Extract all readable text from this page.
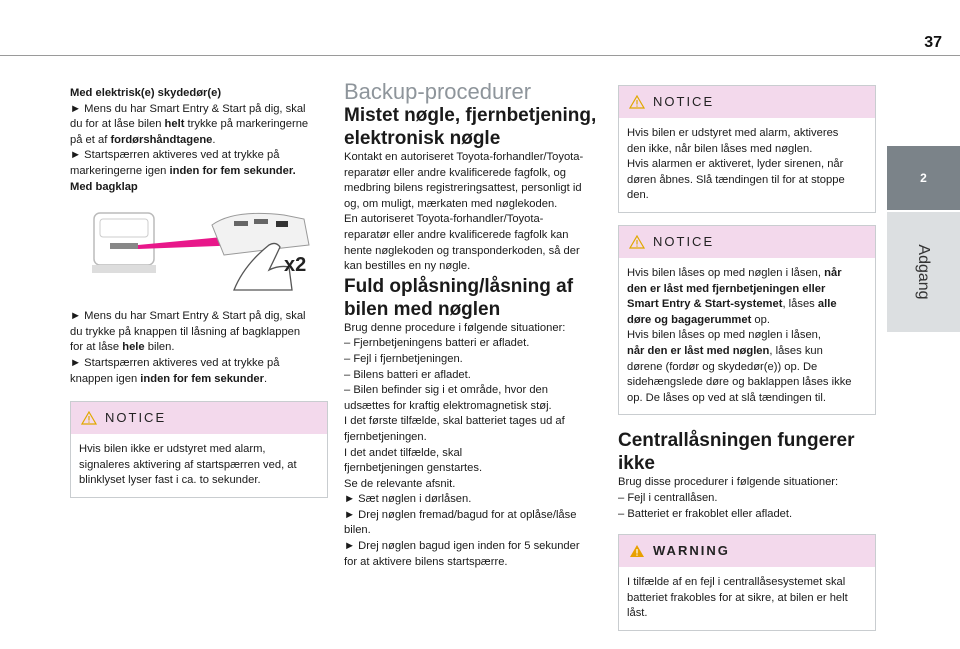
37
2
Adgang

Med elektrisk(e) skydedør(e)

► Mens du har Smart Entry & Start på dig, skal
du for at låse bilen helt trykke på markeringerne
på et af fordørshåndtagene.
► Startspærren aktiveres ved at trykke på
markeringerne igen inden for fem sekunder.

Med bagklap

x2

► Mens du har Smart Entry & Start på dig, skal
du trykke på knappen til låsning af bagklappen
for at låse hele bilen.
► Startspærren aktiveres ved at trykke på
knappen igen inden for fem sekunder.

NOTICE
Hvis bilen ikke er udstyret med alarm,
signaleres aktivering af startspærren ved, at
blinklyset lyser fast i ca. to sekunder.

Backup-procedurer

Mistet nøgle, fjernbetjening, elektronisk nøgle

Kontakt en autoriseret Toyota-forhandler/Toyota-
reparatør eller andre kvalificerede fagfolk, og
medbring bilens registreringsattest, personligt id
og, om muligt, mærkaten med nøglekoden.
En autoriseret Toyota-forhandler/Toyota-
reparatør eller andre kvalificerede fagfolk kan
hente nøglekoden og transponderkoden, så der
kan bestilles en ny nøgle.

Fuld oplåsning/låsning af bilen med nøglen

Brug denne procedure i følgende situationer:
– Fjernbetjeningens batteri er afladet.
– Fejl i fjernbetjeningen.
– Bilens batteri er afladet.
– Bilen befinder sig i et område, hvor den
udsættes for kraftig elektromagnetisk støj.
I det første tilfælde, skal batteriet tages ud af
fjernbetjeningen.
I det andet tilfælde, skal
fjernbetjeningen genstartes.
Se de relevante afsnit.
► Sæt nøglen i dørlåsen.
► Drej nøglen fremad/bagud for at oplåse/låse
bilen.
► Drej nøglen bagud igen inden for 5 sekunder
for at aktivere bilens startspærre.

NOTICE
Hvis bilen er udstyret med alarm, aktiveres
den ikke, når bilen låses med nøglen.
Hvis alarmen er aktiveret, lyder sirenen, når
døren åbnes. Slå tændingen til for at stoppe
den.
NOTICE
Hvis bilen låses op med nøglen i låsen, når
den er låst med fjernbetjeningen eller
Smart Entry & Start-systemet, låses alle
døre og bagagerummet op.
Hvis bilen låses op med nøglen i låsen,
når den er låst med nøglen, låses kun
dørene (fordør og skydedør(e)) op. De
sidehængslede døre og baklappen låses ikke
op. De låses op ved at slå tændingen til.

Centrallåsningen fungerer ikke

Brug disse procedurer i følgende situationer:
– Fejl i centrallåsen.
– Batteriet er frakoblet eller afladet.

WARNING
I tilfælde af en fejl i centrallåsesystemet skal
batteriet frakobles for at sikre, at bilen er helt
låst.
